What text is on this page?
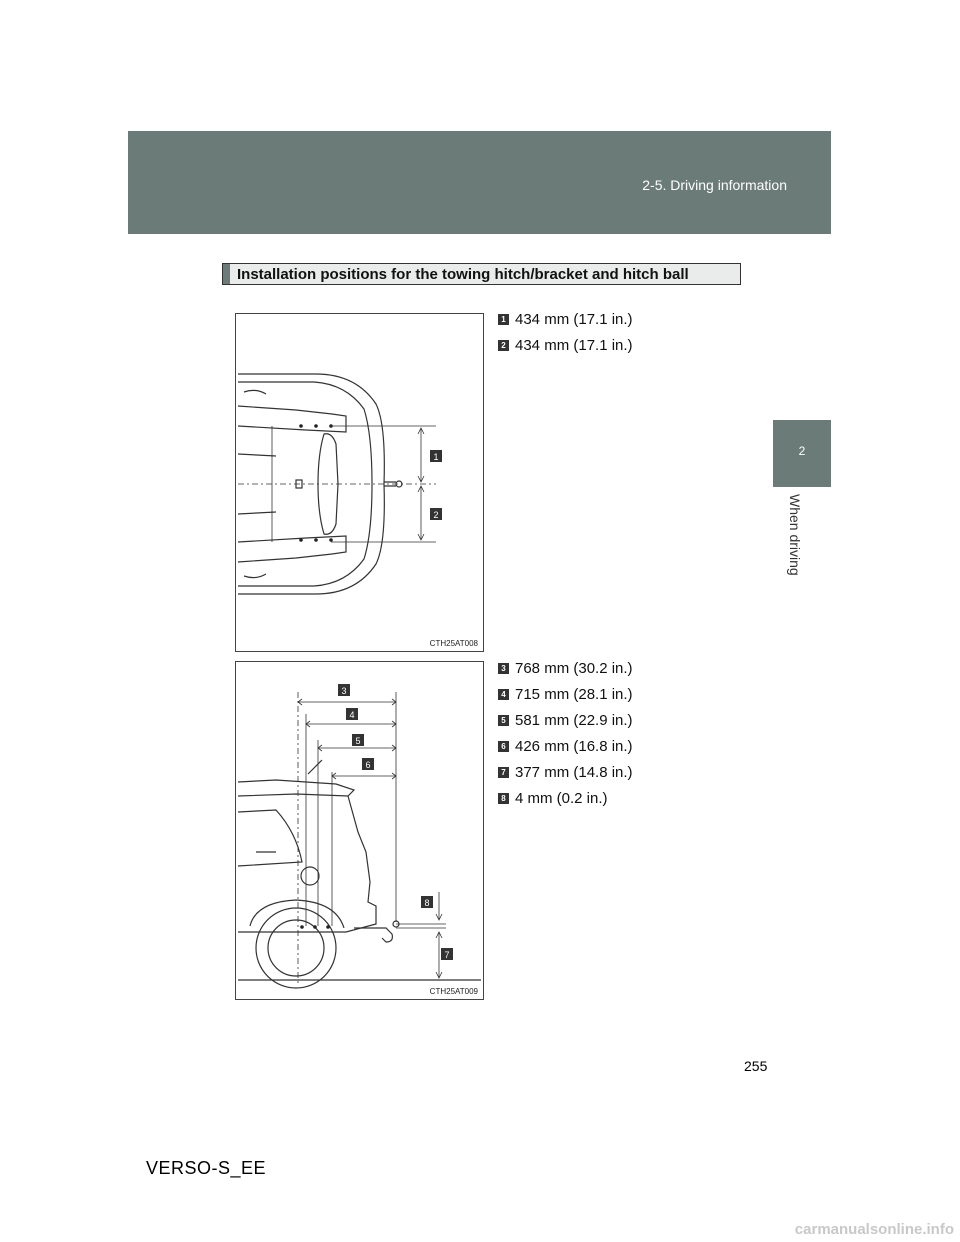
2-5. Driving information
2
When driving
Installation positions for the towing hitch/bracket and hitch ball
1
2
CTH25AT008
3
4
5
6
7
8
CTH25AT009
1 434 mm (17.1 in.)
2 434 mm (17.1 in.)
3 768 mm (30.2 in.)
4 715 mm (28.1 in.)
5 581 mm (22.9 in.)
6 426 mm (16.8 in.)
7 377 mm (14.8 in.)
8 4 mm (0.2 in.)
255
VERSO-S_EE
carmanualsonline.info
